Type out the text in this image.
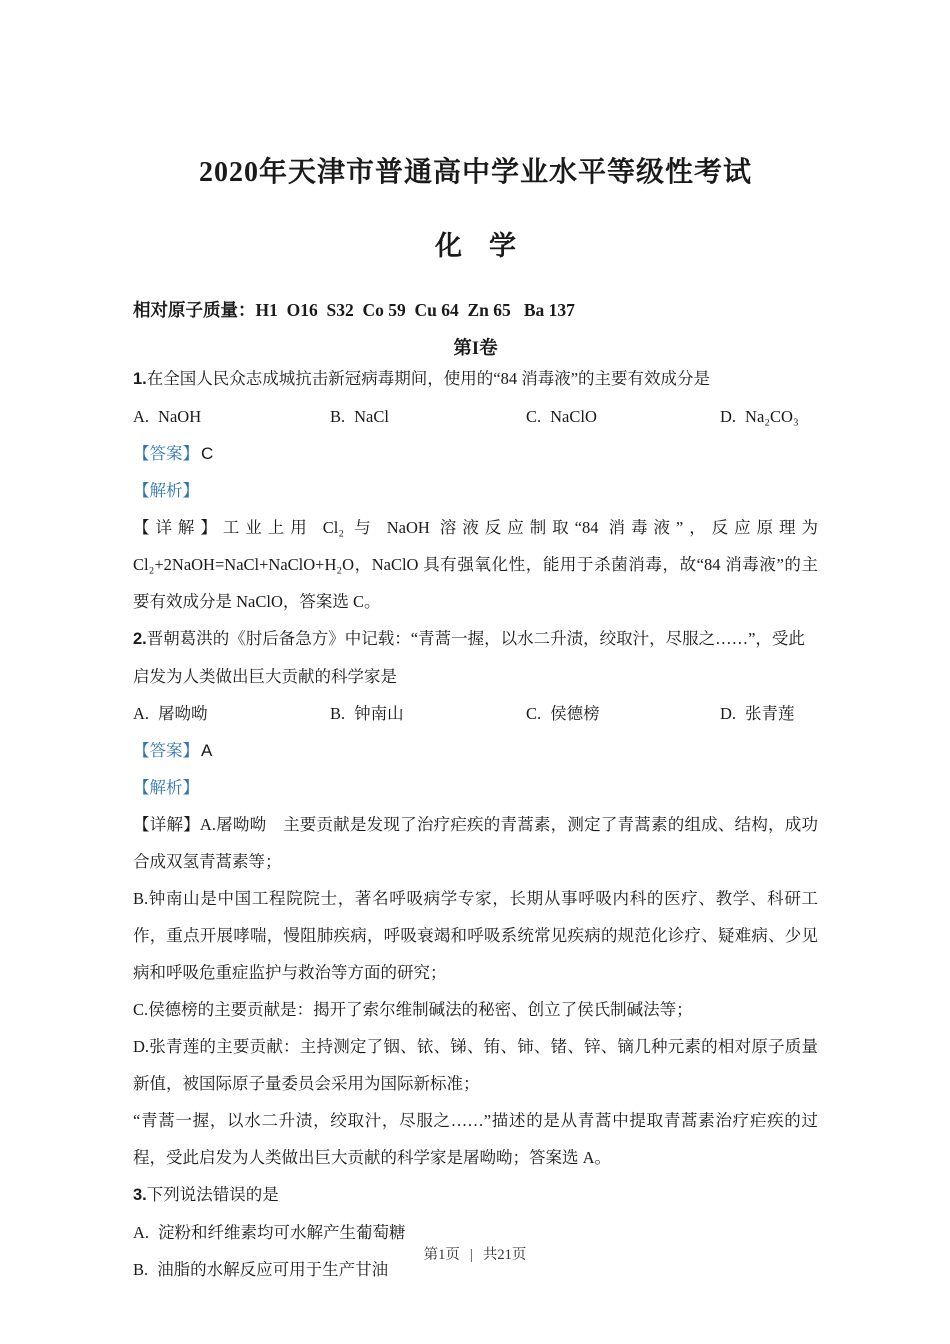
2020年天津市普通高中学业水平等级性考试
化　学

相对原子质量：H1  O16  S32  Co 59  Cu 64  Zn 65   Ba 137

第I卷

1.在全国人民众志成城抗击新冠病毒期间，使用的“84 消毒液”的主要有效成分是

A. NaOH	B. NaCl	C. NaClO	D. Na₂CO₃

【答案】 C

【解析】

【详解】工业上用 Cl₂ 与 NaOH 溶液反应制取“84 消毒液”，反应原理为Cl₂+2NaOH=NaCl+NaClO+H₂O，NaClO 具有强氧化性，能用于杀菌消毒，故“84 消毒液”的主要有效成分是 NaClO，答案选 C。

2.晋朝葛洪的《肘后备急方》中记载：“青蒿一握，以水二升渍，绞取汁，尽服之……”，受此启发为人类做出巨大贡献的科学家是

A. 屠呦呦	B. 钟南山	C. 侯德榜	D. 张青莲

【答案】 A

【解析】

【详解】A.屠呦呦　主要贡献是发现了治疗疟疾的青蒿素，测定了青蒿素的组成、结构，成功合成双氢青蒿素等；

B.钟南山是中国工程院院士，著名呼吸病学专家，长期从事呼吸内科的医疗、教学、科研工作，重点开展哮喘，慢阻肺疾病，呼吸衰竭和呼吸系统常见疾病的规范化诊疗、疑难病、少见病和呼吸危重症监护与救治等方面的研究；

C.侯德榜的主要贡献是：揭开了索尔维制碱法的秘密、创立了侯氏制碱法等；

D.张青莲的主要贡献：主持测定了铟、铱、锑、铕、铈、锗、锌、镝几种元素的相对原子质量新值，被国际原子量委员会采用为国际新标准；

“青蒿一握，以水二升渍，绞取汁，尽服之……”描述的是从青蒿中提取青蒿素治疗疟疾的过程，受此启发为人类做出巨大贡献的科学家是屠呦呦；答案选 A。

3.下列说法错误的是

A. 淀粉和纤维素均可水解产生葡萄糖

B. 油脂的水解反应可用于生产甘油

第1页 | 共21页
